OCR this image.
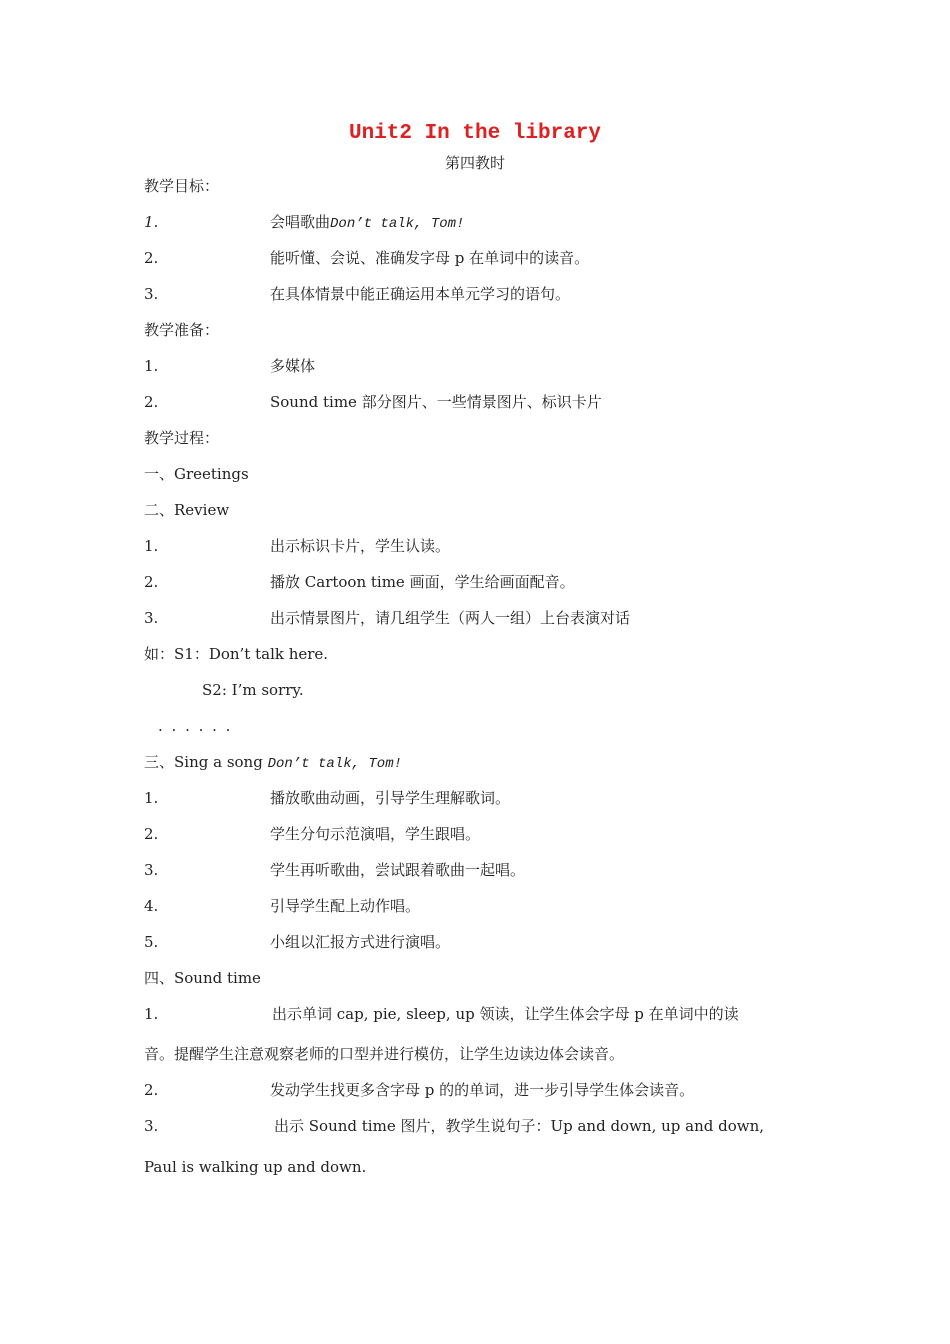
Unit2 In the library
第四教时
教学目标：
1.	会唱歌曲Don’t talk, Tom!
2.	能听懂、会说、准确发字母 p 在单词中的读音。
3.	在具体情景中能正确运用本单元学习的语句。
教学准备：
1.	多媒体
2.	Sound time 部分图片、一些情景图片、标识卡片
教学过程：
一、Greetings
二、Review
1.	出示标识卡片，学生认读。
2.	播放 Cartoon time 画面，学生给画面配音。
3.	出示情景图片，请几组学生（两人一组）上台表演对话
如：S1：Don’t talk here.
S2: I’m sorry.
. . . . . .
三、Sing a song Don’t talk, Tom!
1.	播放歌曲动画，引导学生理解歌词。
2.	学生分句示范演唱，学生跟唱。
3.	学生再听歌曲，尝试跟着歌曲一起唱。
4.	引导学生配上动作唱。
5.	小组以汇报方式进行演唱。
四、Sound time
1.	出示单词 cap, pie, sleep, up 领读，让学生体会字母 p 在单词中的读
音。提醒学生注意观察老师的口型并进行模仿，让学生边读边体会读音。
2.	发动学生找更多含字母 p 的的单词，进一步引导学生体会读音。
3.	出示 Sound time 图片，教学生说句子：Up and down, up and down,
Paul is walking up and down.
